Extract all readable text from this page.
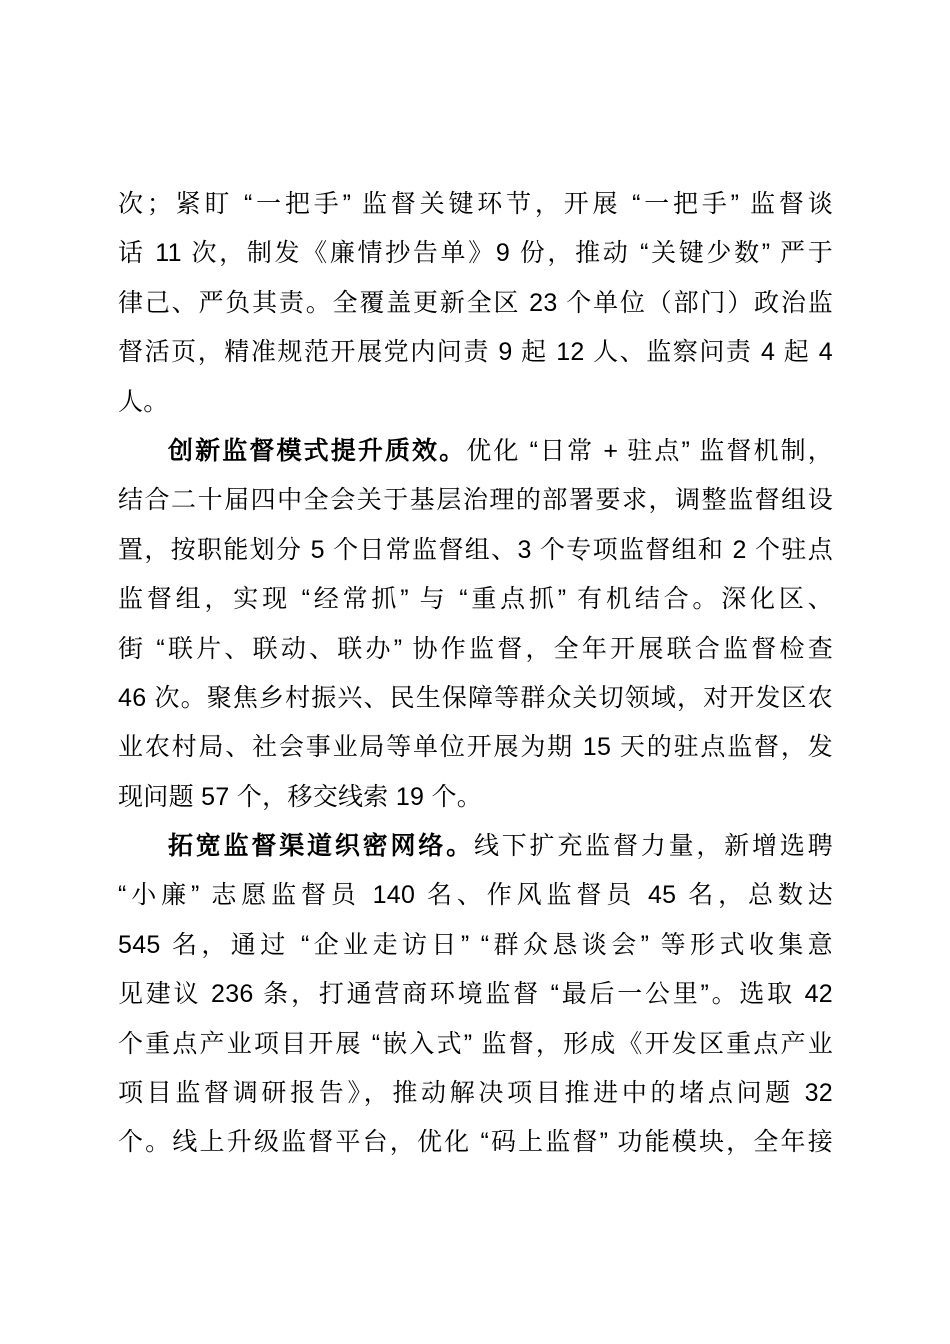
次；紧盯 “一把手” 监督关键环节，开展 “一把手” 监督谈
话 11 次，制发《廉情抄告单》9 份，推动 “关键少数” 严于
律己、严负其责。全覆盖更新全区 23 个单位（部门）政治监
督活页，精准规范开展党内问责 9 起 12 人、监察问责 4 起 4
人。
创新监督模式提升质效。优化 “日常 + 驻点” 监督机制，
结合二十届四中全会关于基层治理的部署要求，调整监督组设
置，按职能划分 5 个日常监督组、3 个专项监督组和 2 个驻点
监督组，实现 “经常抓” 与 “重点抓” 有机结合。深化区、
街 “联片、联动、联办” 协作监督，全年开展联合监督检查
46 次。聚焦乡村振兴、民生保障等群众关切领域，对开发区农
业农村局、社会事业局等单位开展为期 15 天的驻点监督，发
现问题 57 个，移交线索 19 个。
拓宽监督渠道织密网络。线下扩充监督力量，新增选聘
“小廉” 志愿监督员 140 名、作风监督员 45 名，总数达
545 名，通过 “企业走访日” “群众恳谈会” 等形式收集意
见建议 236 条，打通营商环境监督 “最后一公里”。选取 42
个重点产业项目开展 “嵌入式” 监督，形成《开发区重点产业
项目监督调研报告》，推动解决项目推进中的堵点问题 32
个。线上升级监督平台，优化 “码上监督” 功能模块，全年接
